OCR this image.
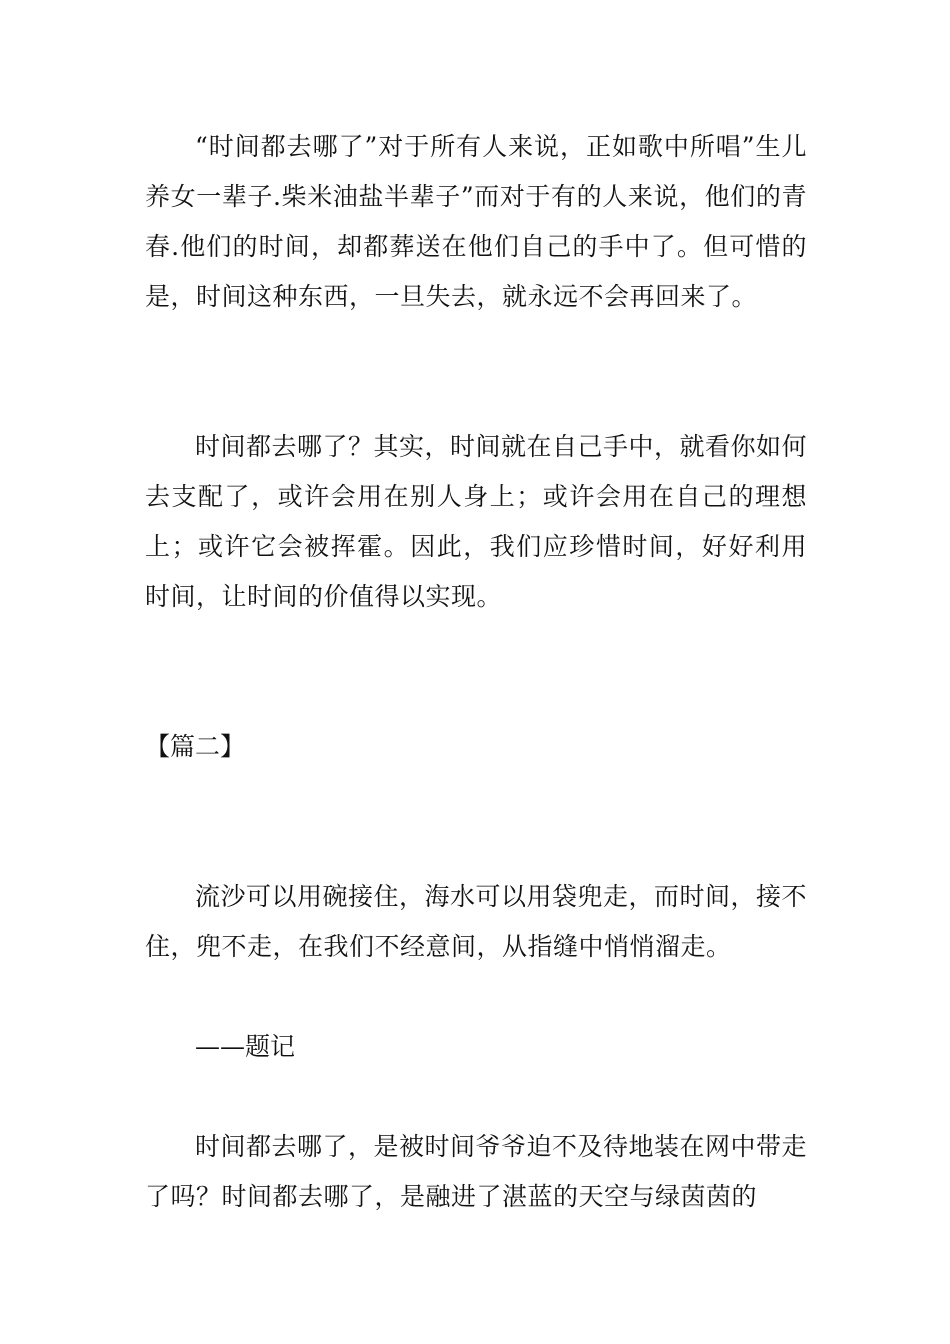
“时间都去哪了”对于所有人来说，正如歌中所唱”生儿养女一辈子.柴米油盐半辈子”而对于有的人来说，他们的青春.他们的时间，却都葬送在他们自己的手中了。但可惜的是，时间这种东西，一旦失去，就永远不会再回来了。

时间都去哪了？其实，时间就在自己手中，就看你如何去支配了，或许会用在别人身上；或许会用在自己的理想上；或许它会被挥霍。因此，我们应珍惜时间，好好利用时间，让时间的价值得以实现。

【篇二】

流沙可以用碗接住，海水可以用袋兜走，而时间，接不住，兜不走，在我们不经意间，从指缝中悄悄溜走。

——题记

时间都去哪了，是被时间爷爷迫不及待地装在网中带走了吗？时间都去哪了，是融进了湛蓝的天空与绿茵茵的
